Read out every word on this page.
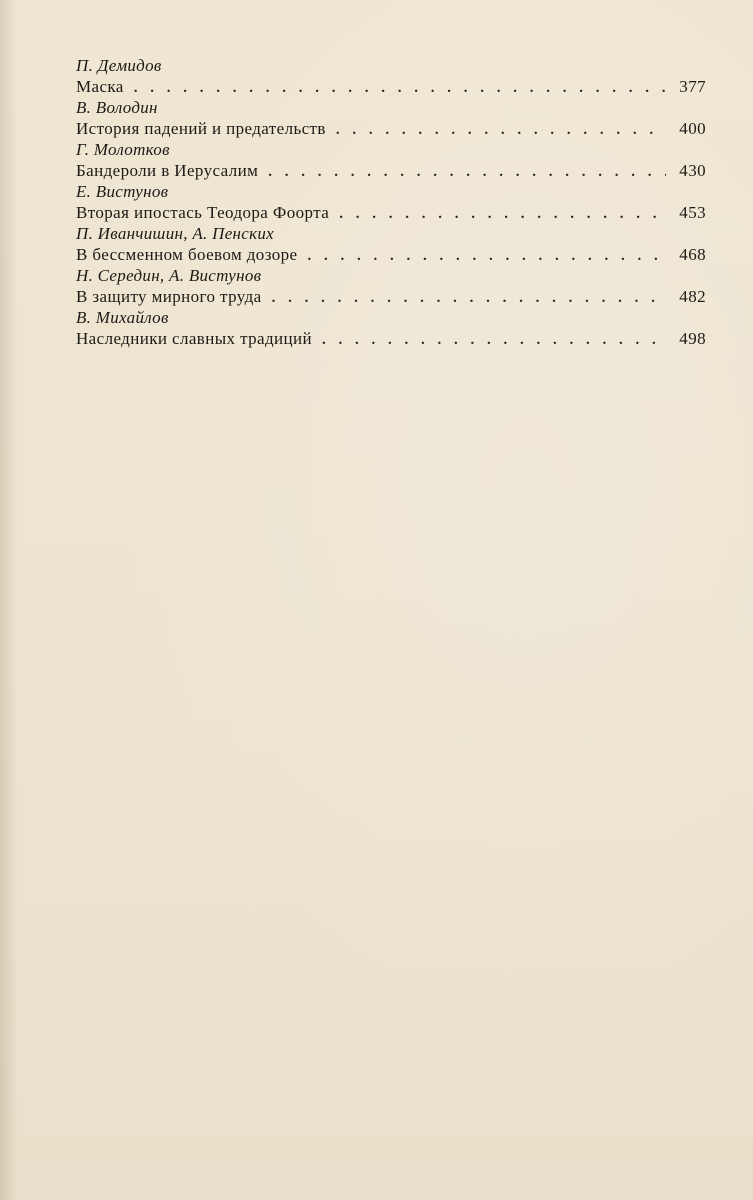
П. Демидов
Маска . . .	377
В. Володин
История падений и предательств . . .	400
Г. Молотков
Бандероли в Иерусалим . . .	430
Е. Вистунов
Вторая ипостась Теодора Фоорта . . .	453
П. Иванчишин, А. Пенских
В бессменном боевом дозоре . . .	468
Н. Середин, А. Вистунов
В защиту мирного труда . . .	482
В. Михайлов
Наследники славных традиций . . .	498
